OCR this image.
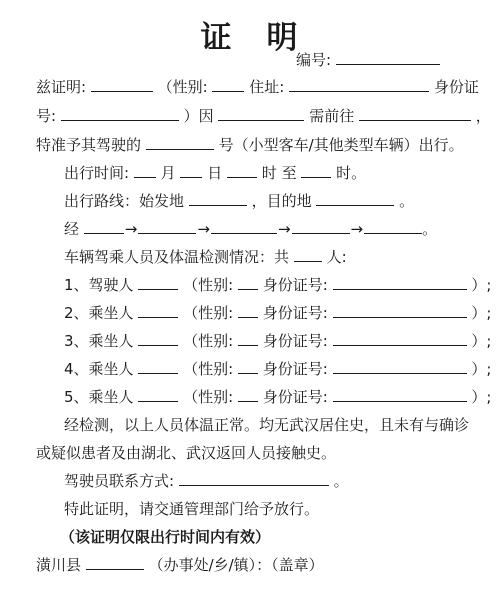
证　明
编号:
兹证明:	（性别:	住址:	身份证
号:	）因	需前往	，
特准予其驾驶的	号（小型客车/其他类型车辆）出行。
出行时间: 月 日	时 至	时。
出行路线：始发地	，目的地	。
经	→	→	→	→	。
车辆驾乘人员及体温检测情况：共	人:
1、驾驶人	（性别: 身份证号:	）;
2、乘坐人	（性别: 身份证号:	）;
3、乘坐人	（性别: 身份证号:	）;
4、乘坐人	（性别: 身份证号:	）;
5、乘坐人	（性别: 身份证号:	）;
经检测，以上人员体温正常。均无武汉居住史，且未有与确诊
或疑似患者及由湖北、武汉返回人员接触史。
驾驶员联系方式:	。
特此证明，请交通管理部门给予放行。
（该证明仅限出行时间内有效）
潢川县	（办事处/乡/镇）：（盖章）
